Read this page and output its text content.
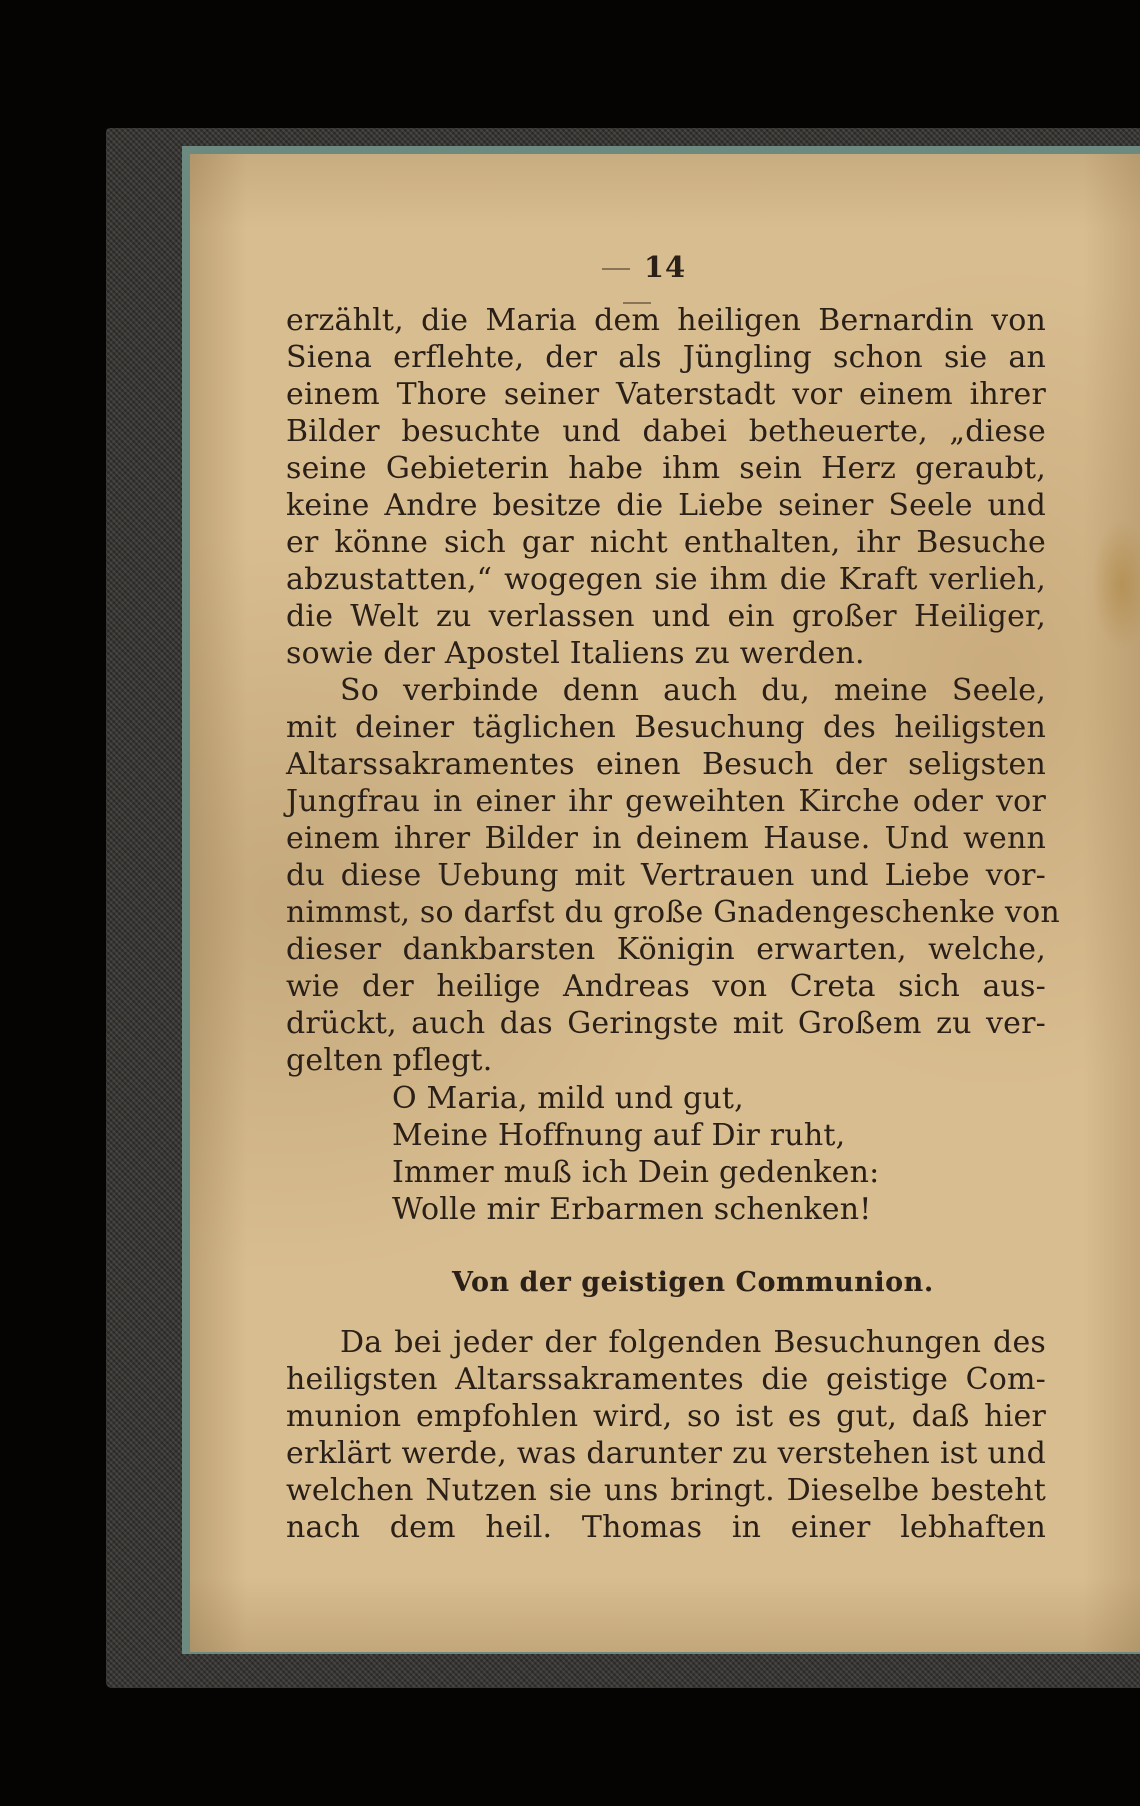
14
erzählt, die Maria dem heiligen Bernardin von
Siena erflehte, der als Jüngling schon sie an
einem Thore seiner Vaterstadt vor einem ihrer
Bilder besuchte und dabei betheuerte, „diese
seine Gebieterin habe ihm sein Herz geraubt,
keine Andre besitze die Liebe seiner Seele und
er könne sich gar nicht enthalten, ihr Besuche
abzustatten,“ wogegen sie ihm die Kraft verlieh,
die Welt zu verlassen und ein großer Heiliger,
sowie der Apostel Italiens zu werden.
So verbinde denn auch du, meine Seele,
mit deiner täglichen Besuchung des heiligsten
Altarssakramentes einen Besuch der seligsten
Jungfrau in einer ihr geweihten Kirche oder vor
einem ihrer Bilder in deinem Hause. Und wenn
du diese Uebung mit Vertrauen und Liebe vor-
nimmst, so darfst du große Gnadengeschenke von
dieser dankbarsten Königin erwarten, welche,
wie der heilige Andreas von Creta sich aus-
drückt, auch das Geringste mit Großem zu ver-
gelten pflegt.
O Maria, mild und gut,
Meine Hoffnung auf Dir ruht,
Immer muß ich Dein gedenken:
Wolle mir Erbarmen schenken!
Von der geistigen Communion.
Da bei jeder der folgenden Besuchungen des
heiligsten Altarssakramentes die geistige Com-
munion empfohlen wird, so ist es gut, daß hier
erklärt werde, was darunter zu verstehen ist und
welchen Nutzen sie uns bringt. Dieselbe besteht
nach dem heil. Thomas in einer lebhaften
